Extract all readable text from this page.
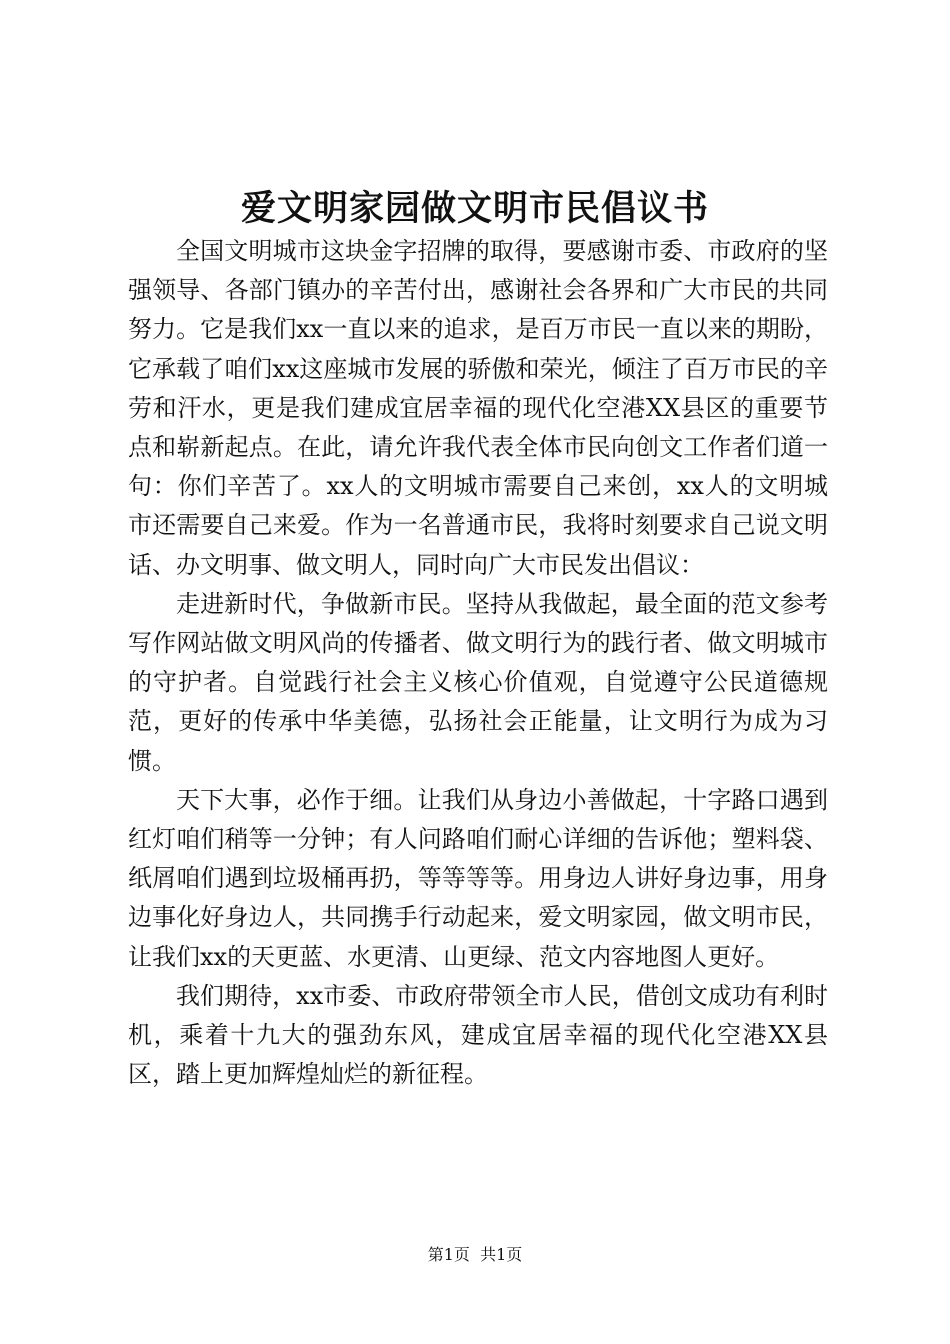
爱文明家园做文明市民倡议书

全国文明城市这块金字招牌的取得，要感谢市委、市政府的坚强领导、各部门镇办的辛苦付出，感谢社会各界和广大市民的共同努力。它是我们xx一直以来的追求，是百万市民一直以来的期盼，它承载了咱们xx这座城市发展的骄傲和荣光，倾注了百万市民的辛劳和汗水，更是我们建成宜居幸福的现代化空港XX县区的重要节点和崭新起点。在此，请允许我代表全体市民向创文工作者们道一句：你们辛苦了。xx人的文明城市需要自己来创，xx人的文明城市还需要自己来爱。作为一名普通市民，我将时刻要求自己说文明话、办文明事、做文明人，同时向广大市民发出倡议：

走进新时代，争做新市民。坚持从我做起，最全面的范文参考写作网站做文明风尚的传播者、做文明行为的践行者、做文明城市的守护者。自觉践行社会主义核心价值观，自觉遵守公民道德规范，更好的传承中华美德，弘扬社会正能量，让文明行为成为习惯。

天下大事，必作于细。让我们从身边小善做起，十字路口遇到红灯咱们稍等一分钟；有人问路咱们耐心详细的告诉他；塑料袋、纸屑咱们遇到垃圾桶再扔，等等等等。用身边人讲好身边事，用身边事化好身边人，共同携手行动起来，爱文明家园，做文明市民，让我们xx的天更蓝、水更清、山更绿、范文内容地图人更好。

我们期待，xx市委、市政府带领全市人民，借创文成功有利时机，乘着十九大的强劲东风，建成宜居幸福的现代化空港XX县区，踏上更加辉煌灿烂的新征程。

第1页 共1页
